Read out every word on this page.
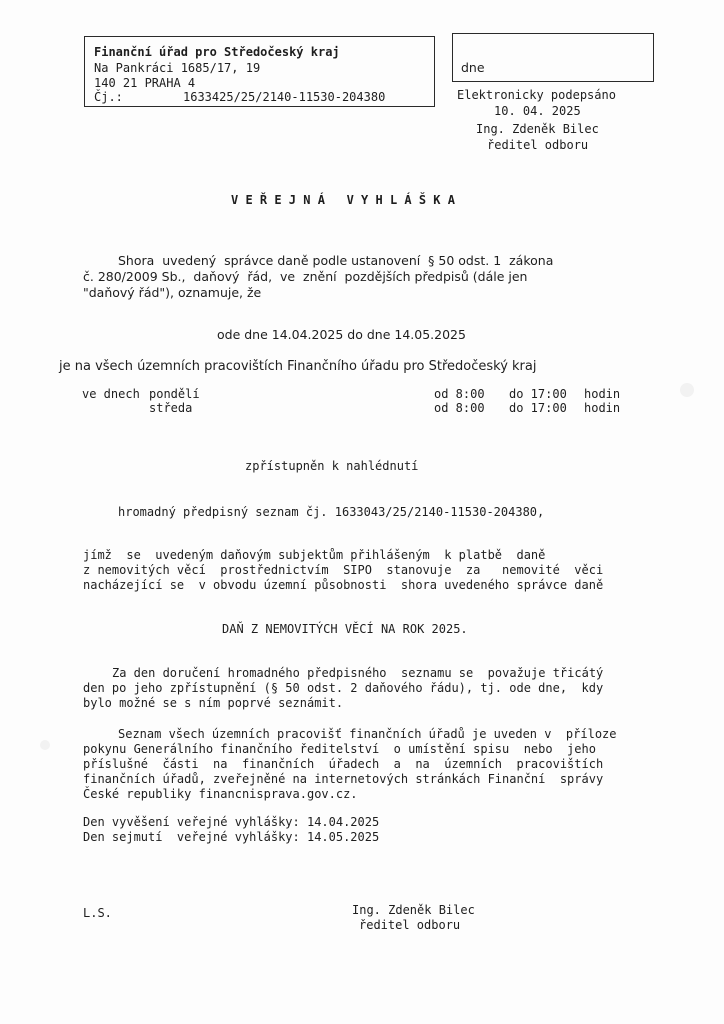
Finanční úřad pro Středočeský kraj
Na Pankráci 1685/17, 19
140 21 PRAHA 4
Čj.:	1633425/25/2140-11530-204380
dne
Elektronicky podepsáno
10. 04. 2025
Ing. Zdeněk Bilec
ředitel odboru
V E Ř E J N Á   V Y H L Á Š K A
Shora  uvedený  správce daně podle ustanovení  § 50 odst. 1  zákona
č. 280/2009 Sb.,  daňový  řád,  ve  znění  pozdějších předpisů (dále jen
"daňový řád"), oznamuje, že
ode dne 14.04.2025 do dne 14.05.2025
je na všech územních pracovištích Finančního úřadu pro Středočeský kraj
ve dnech pondělí	od 8:00 do 17:00 hodin
středa	od 8:00 do 17:00 hodin
zpřístupněn k nahlédnutí
hromadný předpisný seznam čj. 1633043/25/2140-11530-204380,
jímž  se  uvedeným daňovým subjektům přihlášeným  k platbě  daně
z nemovitých věcí  prostřednictvím  SIPO  stanovuje  za   nemovité  věci
nacházející se  v obvodu územní působnosti  shora uvedeného správce daně
DAŇ Z NEMOVITÝCH VĚCÍ NA ROK 2025.
Za den doručení hromadného předpisného  seznamu se  považuje třicátý
den po jeho zpřístupnění (§ 50 odst. 2 daňového řádu), tj. ode dne,  kdy
bylo možné se s ním poprvé seznámit.
Seznam všech územních pracovišť finančních úřadů je uveden v  příloze
pokynu Generálního finančního ředitelství  o umístění spisu  nebo  jeho
příslušné  části  na  finančních  úřadech  a  na  územních  pracovištích
finančních úřadů, zveřejněné na internetových stránkách Finanční  správy
České republiky financnisprava.gov.cz.
Den vyvěšení veřejné vyhlášky: 14.04.2025
Den sejmutí  veřejné vyhlášky: 14.05.2025
L.S.	Ing. Zdeněk Bilec
ředitel odboru
